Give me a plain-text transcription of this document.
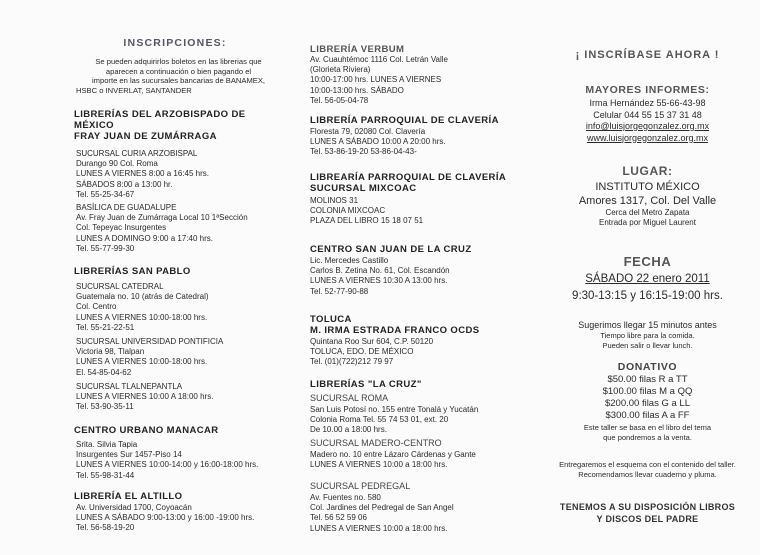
INSCRIPCIONES:
Se pueden adquirirlos boletos en las librerias que
aparecen a continuación o bien pagando el
importe en las sucursales bancarias de BANAMEX,
HSBC o INVERLAT, SANTANDER
LIBRERÍAS DEL ARZOBISPADO DE
MÉXICO
FRAY JUAN DE ZUMÁRRAGA
SUCURSAL CURIA ARZOBISPAL
Durango 90 Col. Roma
LUNES A VIERNES 8:00 a 16:45 hrs.
SÁBADOS 8:00 a 13:00 hr.
Tel. 55-25-34-67
BASÍLICA DE GUADALUPE
Av. Fray Juan de Zumárraga Local 10 1ªSección
Col. Tepeyac Insurgentes
LUNES A DOMINGO 9:00 a 17:40 hrs.
Tel. 55-77-99-30
LIBRERÍAS SAN PABLO
SUCURSAL CATEDRAL
Guatemala no. 10 (atrás de Catedral)
Col. Centro
LUNES A VIERNES 10:00-18:00 hrs.
Tel. 55-21-22-51
SUCURSAL UNIVERSIDAD PONTIFICIA
Victoria 98, Tlalpan
LUNES A VIERNES 10:00-18:00 hrs.
El. 54-85-04-62
SUCURSAL TLALNEPANTLA
LUNES A VIERNES 10:00 A 18:00 hrs.
Tel. 53-90-35-11
CENTRO URBANO MANACAR
Srita. Silvia Tapia
Insurgentes Sur 1457-Piso 14
LUNES A VIERNES 10:00-14:00 y 16:00-18:00 hrs.
Tel. 55-98-31-44
LIBRERÍA EL ALTILLO
Av. Universidad 1700, Coyoacán
LUNES A SÁBADO 9:00-13:00 y 16:00 -19:00 hrs.
Tel. 56-58-19-20
LIBRERÍA VERBUM
Av. Cuauhtémoc 1116 Col. Letrán Valle
(Glorieta Riviera)
10:00-17:00 hrs. LUNES A VIERNES
10:00-13:00 hrs. SÁBADO
Tel. 56-05-04-78
LIBRERÍA PARROQUIAL DE CLAVERÍA
Floresta 79, 02080 Col. Clavería
LUNES A SÁBADO 10:00 A 20:00 hrs.
Tel. 53-86-19-20 53-86-04-43-
LIBREARÍA PARROQUIAL DE CLAVERÍA
SUCURSAL MIXCOAC
MOLINOS 31
COLONIA MIXCOAC
PLAZA DEL LIBRO 15 18 07 51
CENTRO SAN JUAN DE LA CRUZ
Lic. Mercedes Castillo
Carlos B. Zetina No. 61, Col. Escandón
LUNES A VIERNES 10:30 A 13:00 hrs.
Tel. 52-77-90-88
TOLUCA
M. IRMA ESTRADA FRANCO OCDS
Quintana Roo Sur 604, C.P. 50120
TOLUCA, EDO. DE MÉXICO
Tel. (01)(722)212 79 97
LIBRERÍAS "LA CRUZ"
SUCURSAL ROMA
San Luis Potosí no. 155 entre Tonalá y Yucatán
Colonia Roma Tel. 55 74 53 01, ext. 20
De 10.00 a 18:00 hrs.
SUCURSAL MADERO-CENTRO
Madero no. 10 entre Lázaro Cárdenas y Gante
LUNES A VIERNES 10:00 a 18:00 hrs.
SUCURSAL PEDREGAL
Av. Fuentes no. 580
Col. Jardines del Pedregal de San Angel
Tel. 56 52 59 06
LUNES A VIERNES 10:00 a 18:00 hrs.
¡ INSCRÍBASE AHORA !
MAYORES INFORMES:
Irma Hernández 55-66-43-98
Celular 044 55 15 37 31 48
info@luisjorgegonzalez.org.mx
www.luisjorgegonzalez.org.mx
LUGAR:
INSTITUTO MÉXICO
Amores 1317, Col. Del Valle
Cerca del Metro Zapata
Entrada por Miguel Laurent
FECHA
SÁBADO 22 enero 2011
9:30-13:15 y 16:15-19:00 hrs.
Sugerimos llegar 15 minutos antes
Tiempo libre para la comida.
Pueden salir o llevar lunch.
DONATIVO
$50.00 filas R a TT
$100.00 filas M a QQ
$200.00 filas G a LL
$300.00 filas A a FF
Este taller se basa en el libro del tema
que pondremos a la venta.
Entregaremos el esquema con el contenido del taller.
Recomendamos llevar cuaderno y pluma.
TENEMOS A SU DISPOSICIÓN LIBROS
Y DISCOS DEL PADRE
